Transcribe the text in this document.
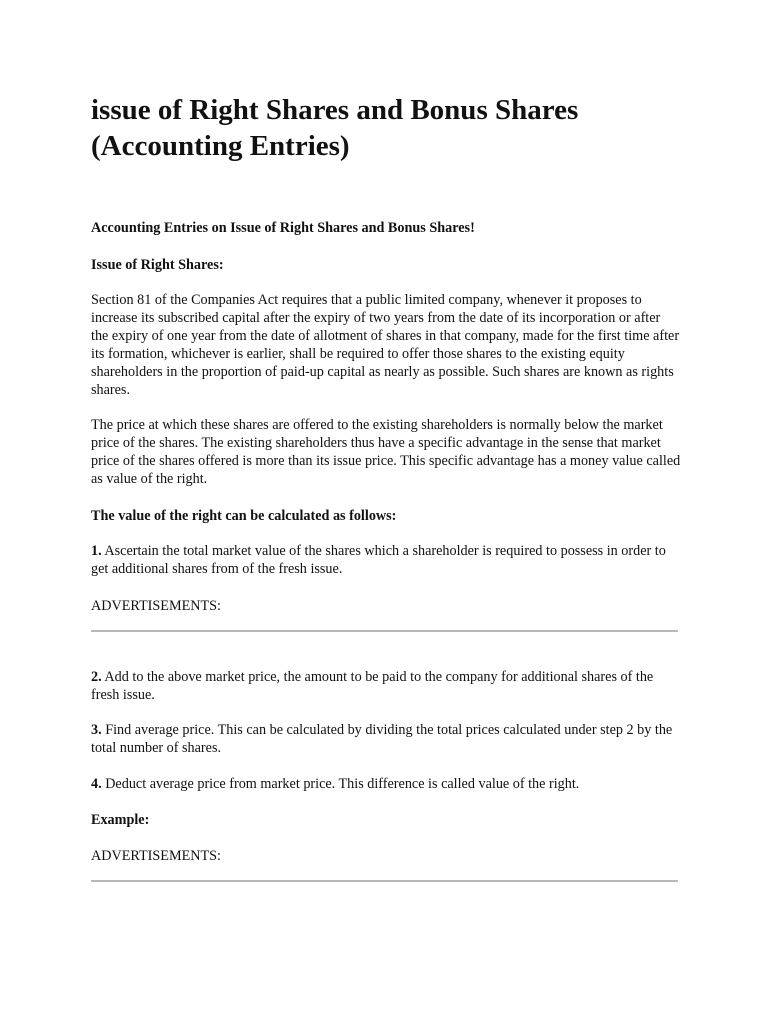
issue of Right Shares and Bonus Shares (Accounting Entries)

Accounting Entries on Issue of Right Shares and Bonus Shares!

Issue of Right Shares:

Section 81 of the Companies Act requires that a public limited company, whenever it proposes to increase its subscribed capital after the expiry of two years from the date of its incorporation or after the expiry of one year from the date of allotment of shares in that company, made for the first time after its formation, whichever is earlier, shall be required to offer those shares to the existing equity shareholders in the proportion of paid-up capital as nearly as possible. Such shares are known as rights shares.

The price at which these shares are offered to the existing shareholders is normally below the market price of the shares. The existing shareholders thus have a specific advantage in the sense that market price of the shares offered is more than its issue price. This specific advantage has a money value called as value of the right.

The value of the right can be calculated as follows:

1. Ascertain the total market value of the shares which a shareholder is required to possess in order to get additional shares from of the fresh issue.

ADVERTISEMENTS:

2. Add to the above market price, the amount to be paid to the company for additional shares of the fresh issue.

3. Find average price. This can be calculated by dividing the total prices calculated under step 2 by the total number of shares.

4. Deduct average price from market price. This difference is called value of the right.

Example:

ADVERTISEMENTS:
